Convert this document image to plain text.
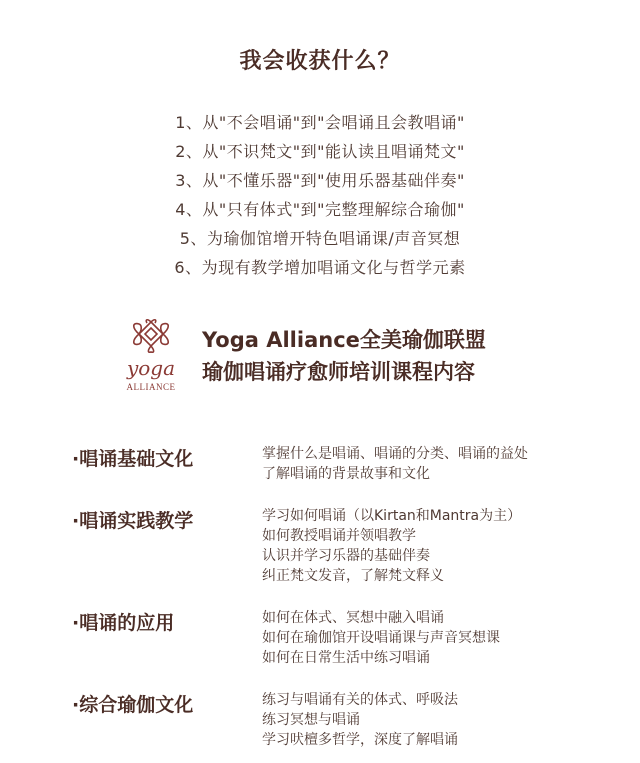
我会收获什么？
1、从"不会唱诵"到"会唱诵且会教唱诵"
2、从"不识梵文"到"能认读且唱诵梵文"
3、从"不懂乐器"到"使用乐器基础伴奏"
4、从"只有体式"到"完整理解综合瑜伽"
5、为瑜伽馆增开特色唱诵课/声音冥想
6、为现有教学增加唱诵文化与哲学元素
yoga
ALLIANCE
Yoga Alliance全美瑜伽联盟
瑜伽唱诵疗愈师培训课程内容
·唱诵基础文化	掌握什么是唱诵、唱诵的分类、唱诵的益处
了解唱诵的背景故事和文化
·唱诵实践教学	学习如何唱诵（以Kirtan和Mantra为主）
如何教授唱诵并领唱教学
认识并学习乐器的基础伴奏
纠正梵文发音，了解梵文释义
·唱诵的应用	如何在体式、冥想中融入唱诵
如何在瑜伽馆开设唱诵课与声音冥想课
如何在日常生活中练习唱诵
·综合瑜伽文化	练习与唱诵有关的体式、呼吸法
练习冥想与唱诵
学习吠檀多哲学，深度了解唱诵
